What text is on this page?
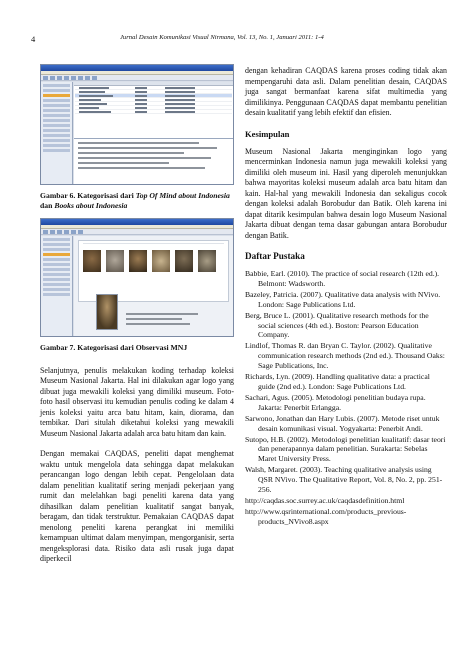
4	Jurnal Desain Komunikasi Visual Nirmana, Vol. 13, No. 1, Januari 2011: 1-4
Gambar 6. Kategorisasi dari Top Of Mind about Indonesia dan Books about Indonesia
Gambar 7. Kategorisasi dari Observasi MNJ

Selanjutnya, penulis melakukan koding terhadap koleksi Museum Nasional Jakarta. Hal ini dilakukan agar logo yang dibuat juga mewakili koleksi yang dimiliki museum. Foto-foto hasil observasi itu kemudian penulis coding ke dalam 4 jenis koleksi yaitu arca batu hitam, kain, diorama, dan tembikar. Dari situlah diketahui koleksi yang mewakili Museum Nasional Jakarta adalah arca batu hitam dan kain.

Dengan memakai CAQDAS, peneliti dapat menghemat waktu untuk mengelola data sehingga dapat melakukan perancangan logo dengan lebih cepat. Pengelolaan data dalam penelitian kualitatif sering menjadi pekerjaan yang rumit dan melelahkan bagi peneliti karena data yang dihasilkan dalam penelitian kualitatif sangat banyak, beragam, dan tidak terstruktur. Pemakaian CAQDAS dapat menolong peneliti karena perangkat ini memiliki kemampuan ultimat dalam menyimpan, mengorganisir, serta mengeksplorasi data. Risiko data asli rusak juga dapat diperkecil

dengan kehadiran CAQDAS karena proses coding tidak akan mempengaruhi data asli. Dalam penelitian desain, CAQDAS juga sangat bermanfaat karena sifat multimedia yang dimilikinya. Penggunaan CAQDAS dapat membantu penelitian desain kualitatif yang lebih efektif dan efisien.

Kesimpulan

Museum Nasional Jakarta menginginkan logo yang mencerminkan Indonesia namun juga mewakili koleksi yang dimiliki oleh museum ini. Hasil yang diperoleh menunjukkan bahwa mayoritas koleksi museum adalah arca batu hitam dan kain. Hal-hal yang mewakili Indonesia dan sekaligus cocok dengan koleksi adalah Borobudur dan Batik. Oleh karena ini dapat ditarik kesimpulan bahwa desain logo Museum Nasional Jakarta dibuat dengan tema dasar gabungan antara Borobudur dengan Batik.

Daftar Pustaka
Babbie, Earl. (2010). The practice of social research (12th ed.). Belmont: Wadsworth.
Bazeley, Patricia. (2007). Qualitative data analysis with NVivo. London: Sage Publications Ltd.
Berg, Bruce L. (2001). Qualitative research methods for the social sciences (4th ed.). Boston: Pearson Education Company.
Lindlof, Thomas R. dan Bryan C. Taylor. (2002). Qualitative communication research methods (2nd ed.). Thousand Oaks: Sage Publications, Inc.
Richards, Lyn. (2009). Handling qualitative data: a practical guide (2nd ed.). London: Sage Publications Ltd.
Sachari, Agus. (2005). Metodologi penelitian budaya rupa. Jakarta: Penerbit Erlangga.
Sarwono, Jonathan dan Hary Lubis. (2007). Metode riset untuk desain komunikasi visual. Yogyakarta: Penerbit Andi.
Sutopo, H.B. (2002). Metodologi penelitian kualitatif: dasar teori dan penerapannya dalam penelitian. Surakarta: Sebelas Maret University Press.
Walsh, Margaret. (2003). Teaching qualitative analysis using QSR NVivo. The Qualitative Report, Vol. 8, No. 2, pp. 251-256.
http://caqdas.soc.surrey.ac.uk/caqdasdefinition.html
http://www.qsrinternational.com/products_previous-products_NVivo8.aspx
